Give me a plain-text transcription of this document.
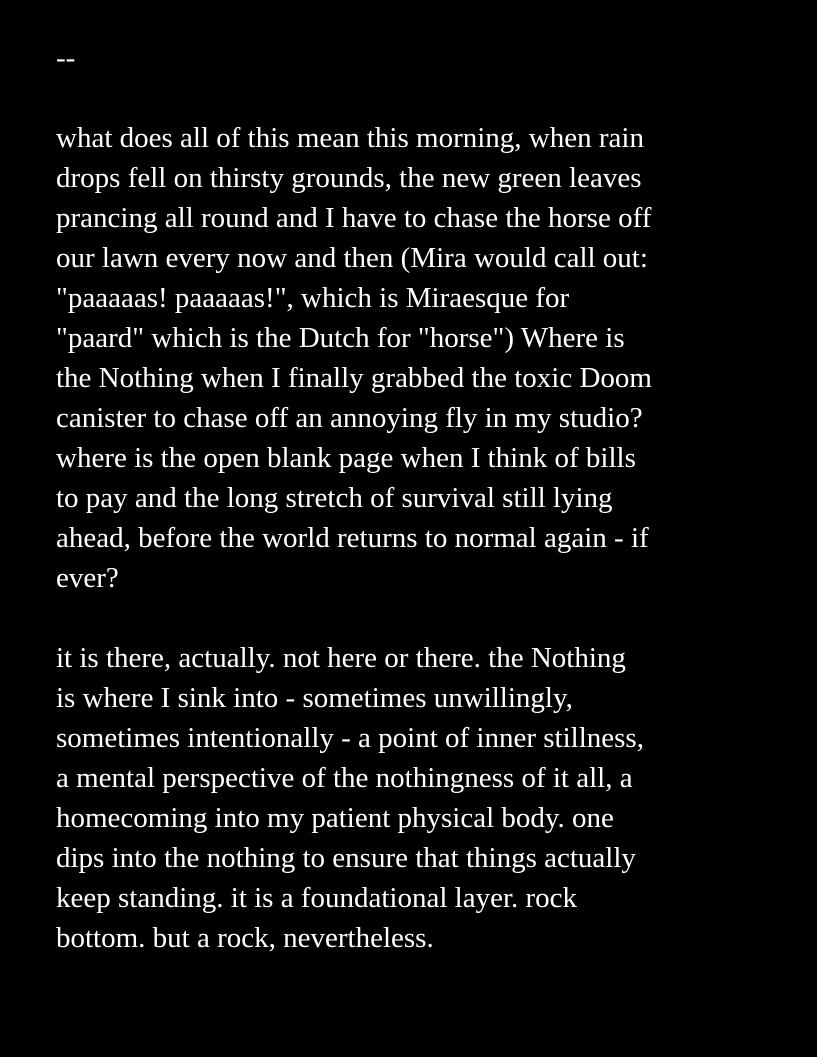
--
what does all of this mean this morning, when rain
drops fell on thirsty grounds, the new green leaves
prancing all round and I have to chase the horse off
our lawn every now and then (Mira would call out:
"paaaaas! paaaaas!", which is Miraesque for
"paard" which is the Dutch for "horse") Where is
the Nothing when I finally grabbed the toxic Doom
canister to chase off an annoying fly in my studio?
where is the open blank page when I think of bills
to pay and the long stretch of survival still lying
ahead, before the world returns to normal again - if
ever?
it is there, actually. not here or there. the Nothing
is where I sink into - sometimes unwillingly,
sometimes intentionally - a point of inner stillness,
a mental perspective of the nothingness of it all, a
homecoming into my patient physical body. one
dips into the nothing to ensure that things actually
keep standing. it is a foundational layer. rock
bottom. but a rock, nevertheless.
